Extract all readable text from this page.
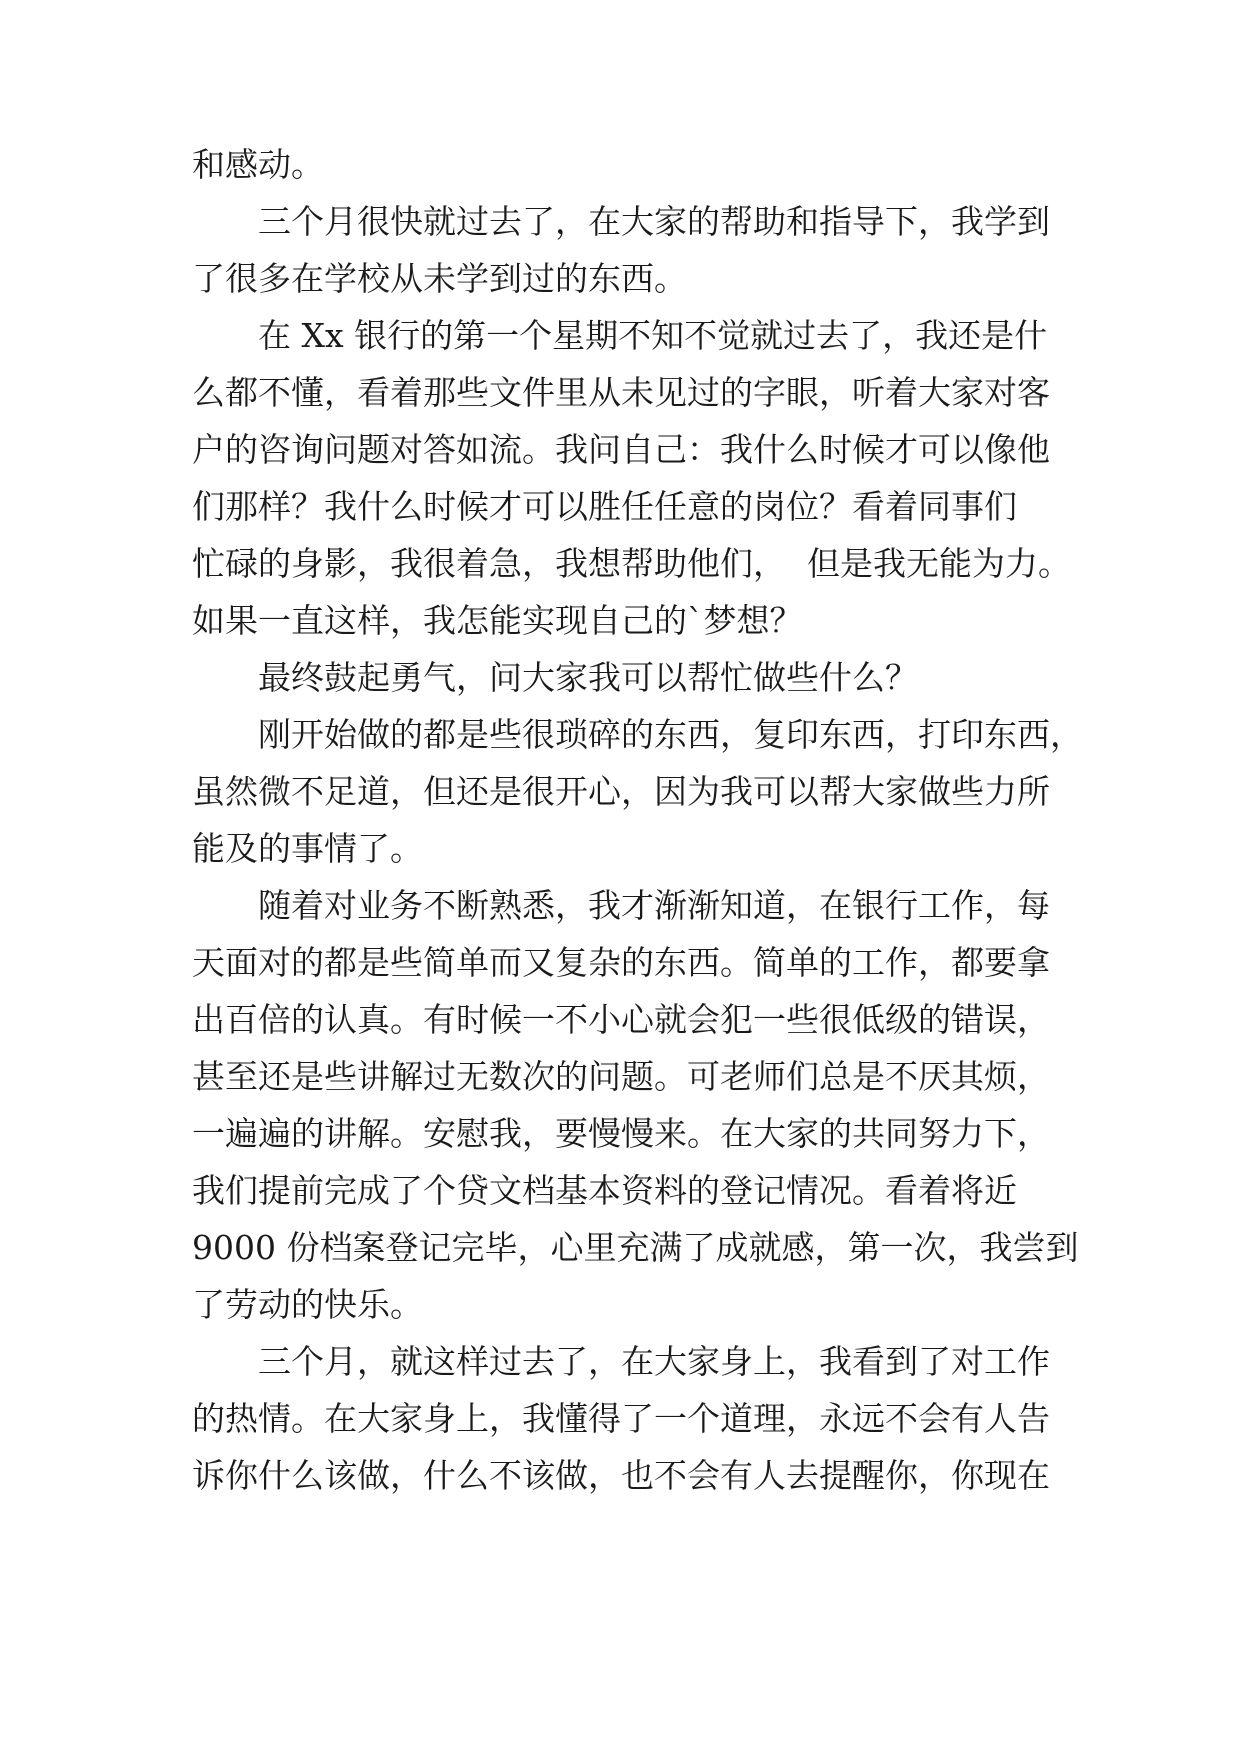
和感动。
三个月很快就过去了，在大家的帮助和指导下，我学到
了很多在学校从未学到过的东西。
在 Xx 银行的第一个星期不知不觉就过去了，我还是什
么都不懂，看着那些文件里从未见过的字眼，听着大家对客
户的咨询问题对答如流。我问自己：我什么时候才可以像他
们那样？我什么时候才可以胜任任意的岗位？看着同事们
忙碌的身影，我很着急，我想帮助他们，  但是我无能为力。
如果一直这样，我怎能实现自己的`梦想？
最终鼓起勇气，问大家我可以帮忙做些什么？
刚开始做的都是些很琐碎的东西，复印东西，打印东西，
虽然微不足道，但还是很开心，因为我可以帮大家做些力所
能及的事情了。
随着对业务不断熟悉，我才渐渐知道，在银行工作，每
天面对的都是些简单而又复杂的东西。简单的工作，都要拿
出百倍的认真。有时候一不小心就会犯一些很低级的错误，
甚至还是些讲解过无数次的问题。可老师们总是不厌其烦，
一遍遍的讲解。安慰我，要慢慢来。在大家的共同努力下，
我们提前完成了个贷文档基本资料的登记情况。看着将近
9000 份档案登记完毕，心里充满了成就感，第一次，我尝到
了劳动的快乐。
三个月，就这样过去了，在大家身上，我看到了对工作
的热情。在大家身上，我懂得了一个道理，永远不会有人告
诉你什么该做，什么不该做，也不会有人去提醒你，你现在
